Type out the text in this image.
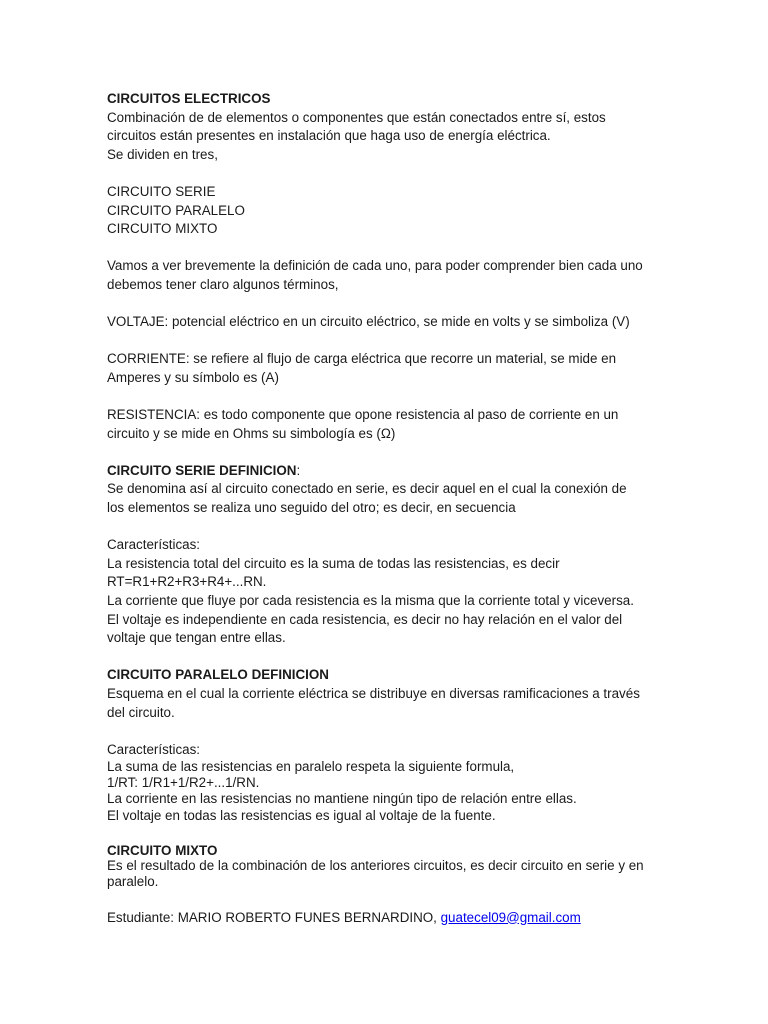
CIRCUITOS ELECTRICOS
Combinación de de elementos o componentes que están conectados entre sí, estos
circuitos están presentes en instalación que haga uso de energía eléctrica.
Se dividen en tres,
CIRCUITO SERIE
CIRCUITO PARALELO
CIRCUITO MIXTO
Vamos a ver brevemente la definición de cada uno, para poder comprender bien cada uno
debemos tener claro algunos términos,
VOLTAJE: potencial eléctrico en un circuito eléctrico, se mide en volts y se simboliza (V)
CORRIENTE: se refiere al flujo de carga eléctrica que recorre un material, se mide en
Amperes y su símbolo es (A)
RESISTENCIA: es todo componente que opone resistencia al paso de corriente en un
circuito y se mide en Ohms su simbología es (Ω)
CIRCUITO SERIE DEFINICION:
Se denomina así al circuito conectado en serie, es decir aquel en el cual la conexión de
los elementos se realiza uno seguido del otro; es decir, en secuencia
Características:
La resistencia total del circuito es la suma de todas las resistencias, es decir
RT=R1+R2+R3+R4+...RN.
La corriente que fluye por cada resistencia es la misma que la corriente total y viceversa.
El voltaje es independiente en cada resistencia, es decir no hay relación en el valor del
voltaje que tengan entre ellas.
CIRCUITO PARALELO DEFINICION
Esquema en el cual la corriente eléctrica se distribuye en diversas ramificaciones a través
del circuito.
Características:
La suma de las resistencias en paralelo respeta la siguiente formula,
1/RT: 1/R1+1/R2+...1/RN.
La corriente en las resistencias no mantiene ningún tipo de relación entre ellas.
El voltaje en todas las resistencias es igual al voltaje de la fuente.
CIRCUITO MIXTO
Es el resultado de la combinación de los anteriores circuitos, es decir circuito en serie y en
paralelo.
Estudiante: MARIO ROBERTO FUNES BERNARDINO, guatecel09@gmail.com
